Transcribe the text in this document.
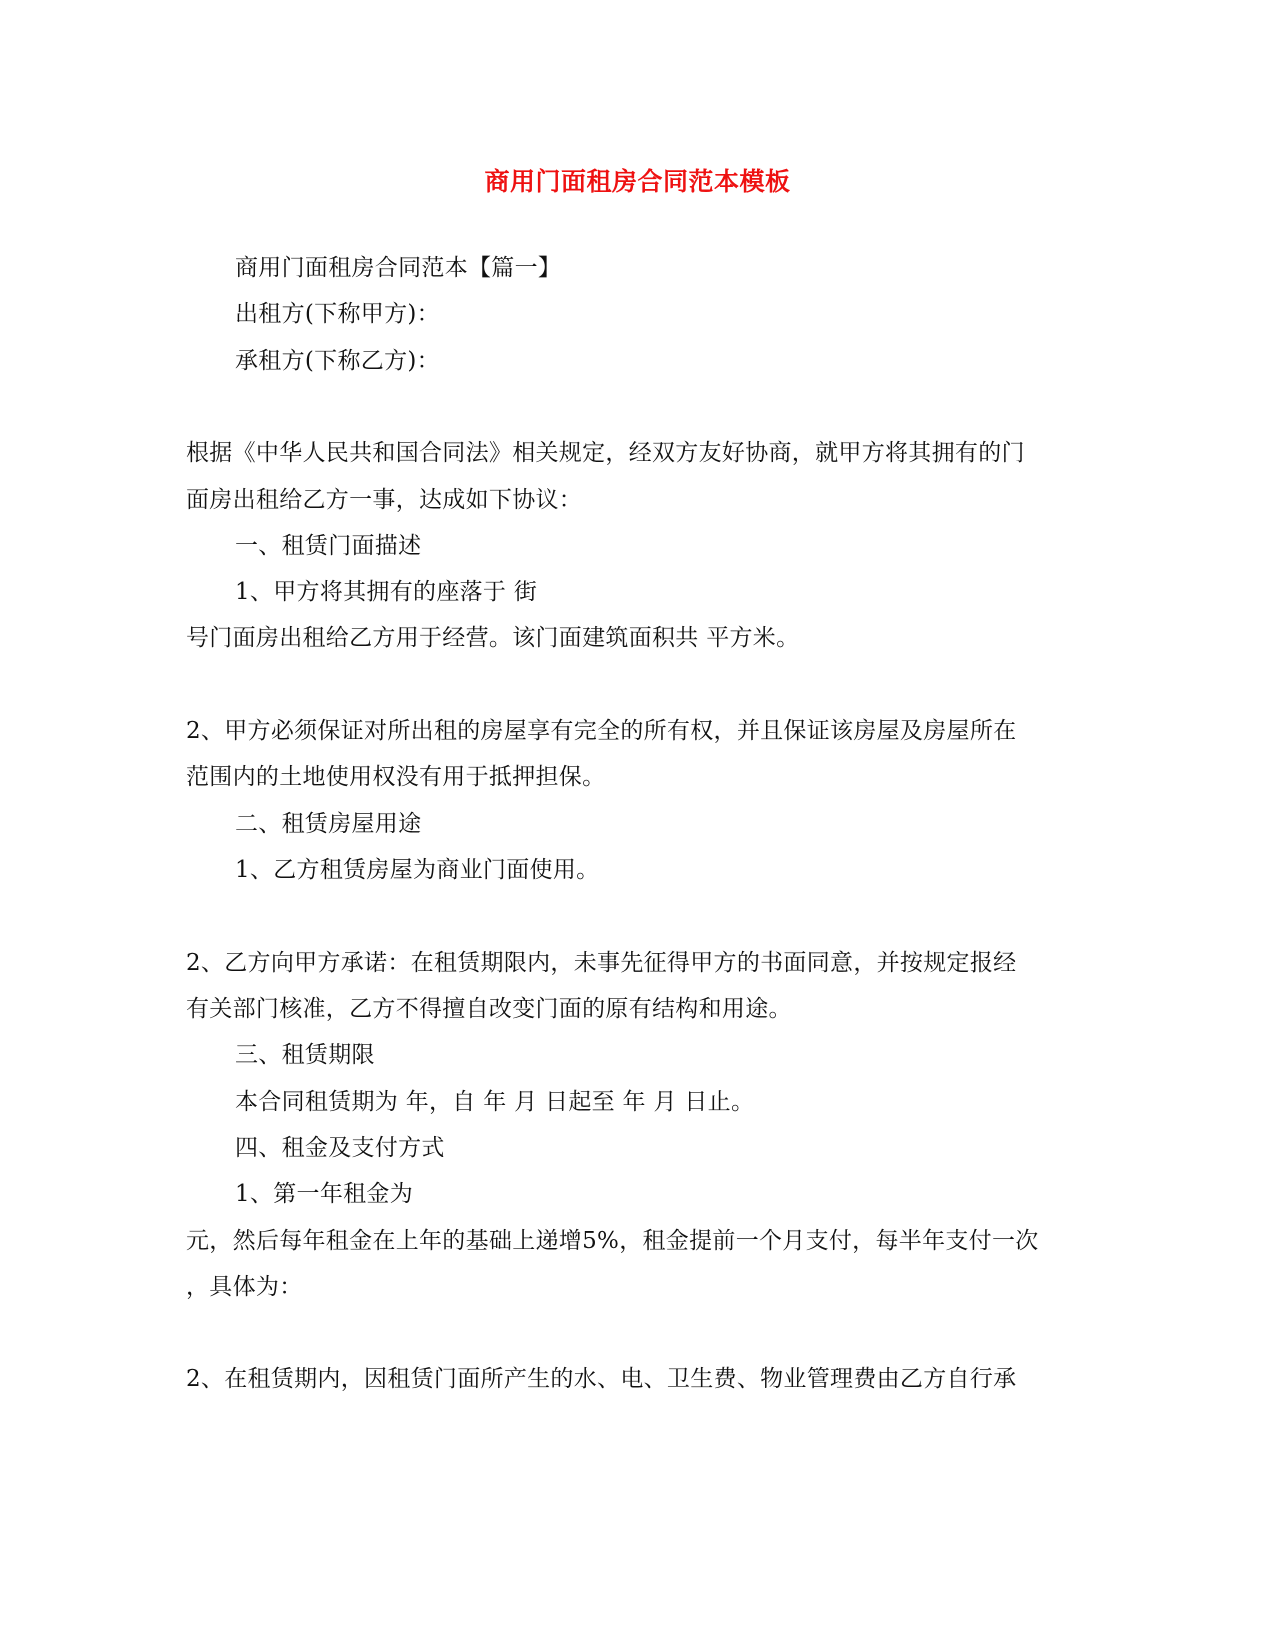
商用门面租房合同范本模板
商用门面租房合同范本【篇一】
出租方(下称甲方)：
承租方(下称乙方)：
根据《中华人民共和国合同法》相关规定，经双方友好协商，就甲方将其拥有的门
面房出租给乙方一事，达成如下协议：
一、租赁门面描述
1、甲方将其拥有的座落于 街
号门面房出租给乙方用于经营。该门面建筑面积共 平方米。
2、甲方必须保证对所出租的房屋享有完全的所有权，并且保证该房屋及房屋所在
范围内的土地使用权没有用于抵押担保。
二、租赁房屋用途
1、乙方租赁房屋为商业门面使用。
2、乙方向甲方承诺：在租赁期限内，未事先征得甲方的书面同意，并按规定报经
有关部门核准，乙方不得擅自改变门面的原有结构和用途。
三、租赁期限
本合同租赁期为 年，自 年 月 日起至 年 月 日止。
四、租金及支付方式
1、第一年租金为
元，然后每年租金在上年的基础上递增5%，租金提前一个月支付，每半年支付一次
，具体为：
2、在租赁期内，因租赁门面所产生的水、电、卫生费、物业管理费由乙方自行承
